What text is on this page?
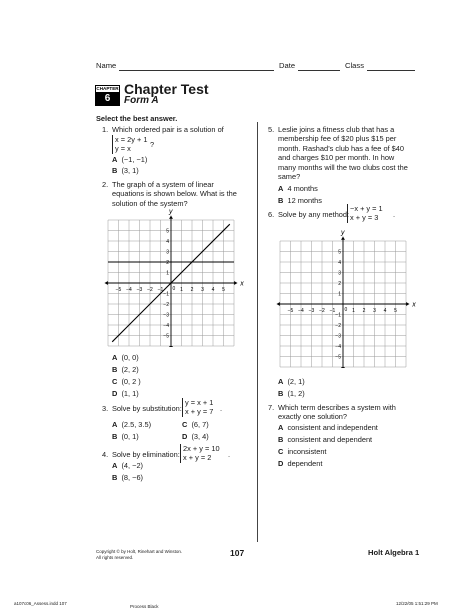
Name	Date	Class
CHAPTER
6
Chapter Test
Form A
Select the best answer.
1. Which ordered pair is a solution of
x = 2y + 1
y = x	?
A (−1, −1)
B (3, 1)
2. The graph of a system of linear
equations is shown below. What is the
solution of the system?
x
y
−5 −4 −3 −2 −1	1 2 3 4 5
5
4
3
2
1
−1
−2
−3
−4
−5
0
A (0, 0)
B (2, 2)
C (0, 2 )
D (1, 1)
3. Solve by substitution:
y = x + 1
x + y = 7 .
A (2.5, 3.5)	C (6, 7)
B (0, 1)	D (3, 4)
4. Solve by elimination:
2x + y = 10
x + y = 2	.
A (4, −2)
B (8, −6)
5. Leslie joins a fitness club that has a
membership fee of $20 plus $15 per
month. Rashad’s club has a fee of $40
and charges $10 per month. In how
many months will the two clubs cost the
same?
A 4 months
B 12 months
6. Solve by any method:
−x + y = 1
x + y = 3	.
x
y
−5 −4 −3 −2 −1	1 2 3 4 5
5
4
3
2
1
−1
−2
−3
−4
−5
0
A (2, 1)
B (1, 2)
7. Which term describes a system with
exactly one solution?
A consistent and independent
B consistent and dependent
C inconsistent
D dependent
Copyright © by Holt, Rinehart and Winston.
All rights reserved.	107	Holt Algebra 1
a107c06_Assess.indd 107
Process Black
12/22/05 1:51:29 PM
